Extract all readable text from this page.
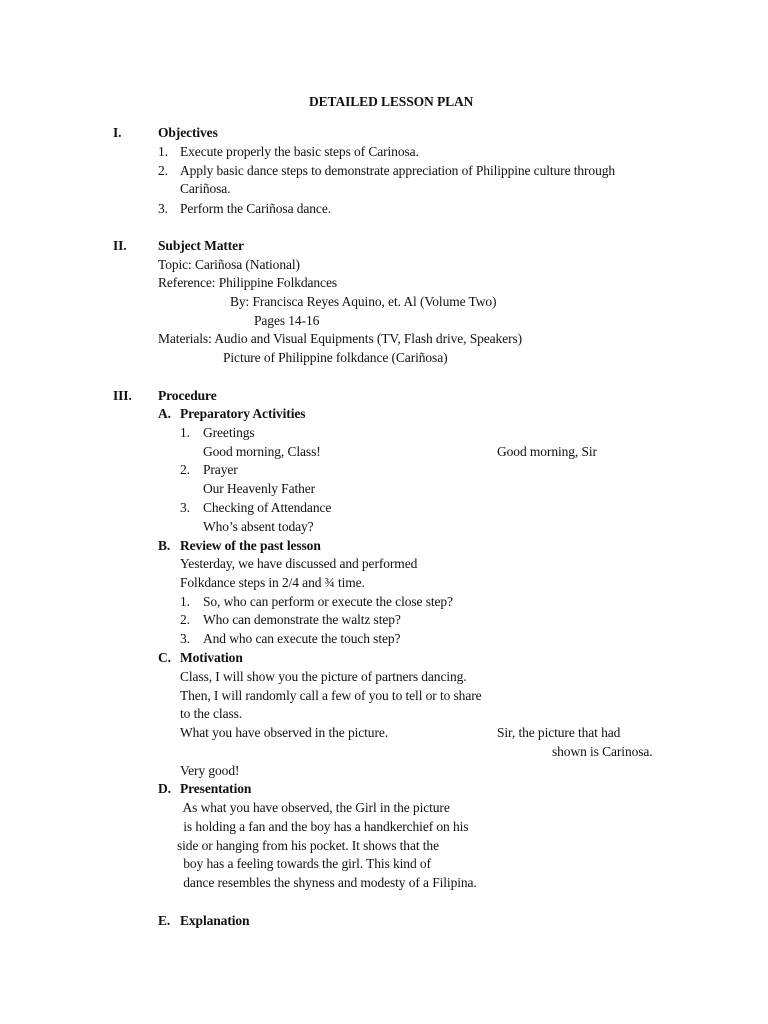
DETAILED LESSON PLAN
I.	Objectives
1. Execute properly the basic steps of Carinosa.
2. Apply basic dance steps to demonstrate appreciation of Philippine culture through
Cariñosa.
3. Perform the Cariñosa dance.
II. Subject Matter
Topic: Cariñosa (National)
Reference: Philippine Folkdances
By: Francisca Reyes Aquino, et. Al (Volume Two)
Pages 14-16
Materials: Audio and Visual Equipments (TV, Flash drive, Speakers)
Picture of Philippine folkdance (Cariñosa)
III. Procedure
A. Preparatory Activities
1. Greetings
Good morning, Class!	Good morning, Sir
2. Prayer
Our Heavenly Father
3. Checking of Attendance
Who’s absent today?
B. Review of the past lesson
Yesterday, we have discussed and performed
Folkdance steps in 2/4 and ¾ time.
1. So, who can perform or execute the close step?
2. Who can demonstrate the waltz step?
3. And who can execute the touch step?
C. Motivation
Class, I will show you the picture of partners dancing.
Then, I will randomly call a few of you to tell or to share
to the class.
What you have observed in the picture.	Sir, the picture that had
shown is Carinosa.
Very good!
D. Presentation
As what you have observed, the Girl in the picture
is holding a fan and the boy has a handkerchief on his
side or hanging from his pocket. It shows that the
boy has a feeling towards the girl. This kind of
dance resembles the shyness and modesty of a Filipina.
E. Explanation
